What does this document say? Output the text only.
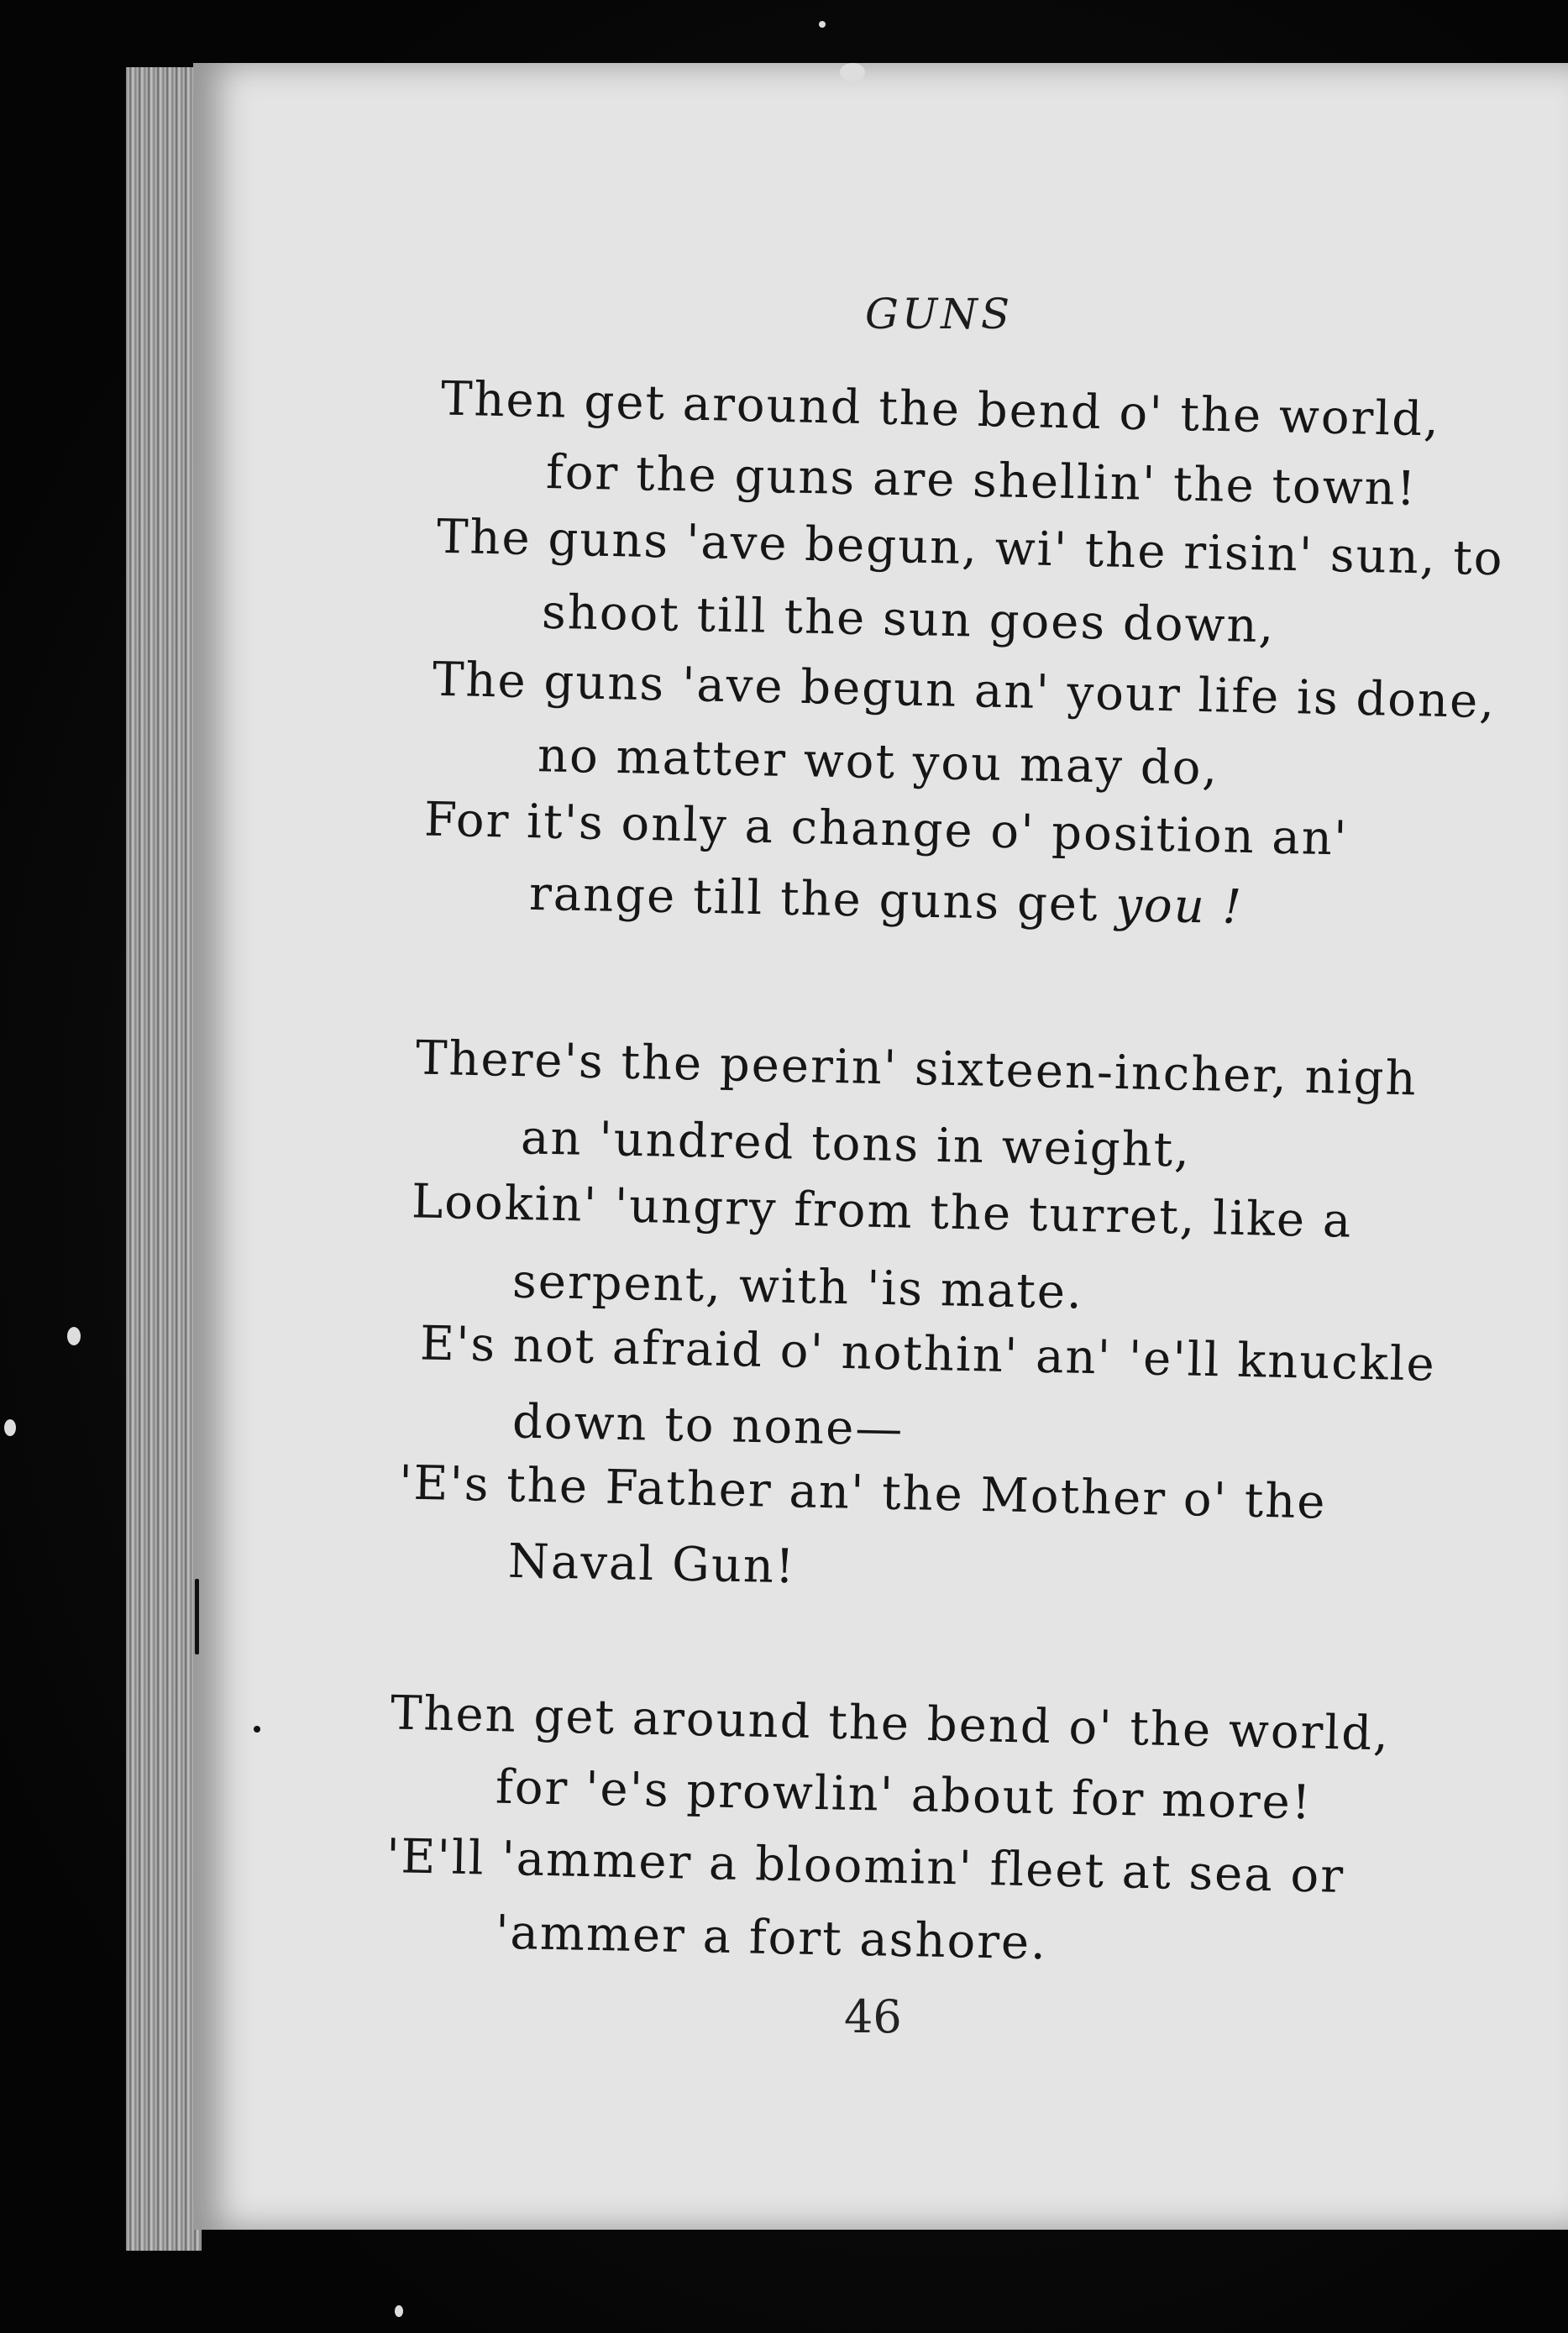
GUNS
Then get around the bend o' the world,
for the guns are shellin' the town!
The guns 'ave begun, wi' the risin' sun, to
shoot till the sun goes down,
The guns 'ave begun an' your life is done,
no matter wot you may do,
For it's only a change o' position an'
range till the guns get you !
There's the peerin' sixteen-incher, nigh
an 'undred tons in weight,
Lookin' 'ungry from the turret, like a
serpent, with 'is mate.
E's not afraid o' nothin' an' 'e'll knuckle
down to none—
'E's the Father an' the Mother o' the
Naval Gun!
Then get around the bend o' the world,
for 'e's prowlin' about for more!
'E'll 'ammer a bloomin' fleet at sea or
'ammer a fort ashore.
46
